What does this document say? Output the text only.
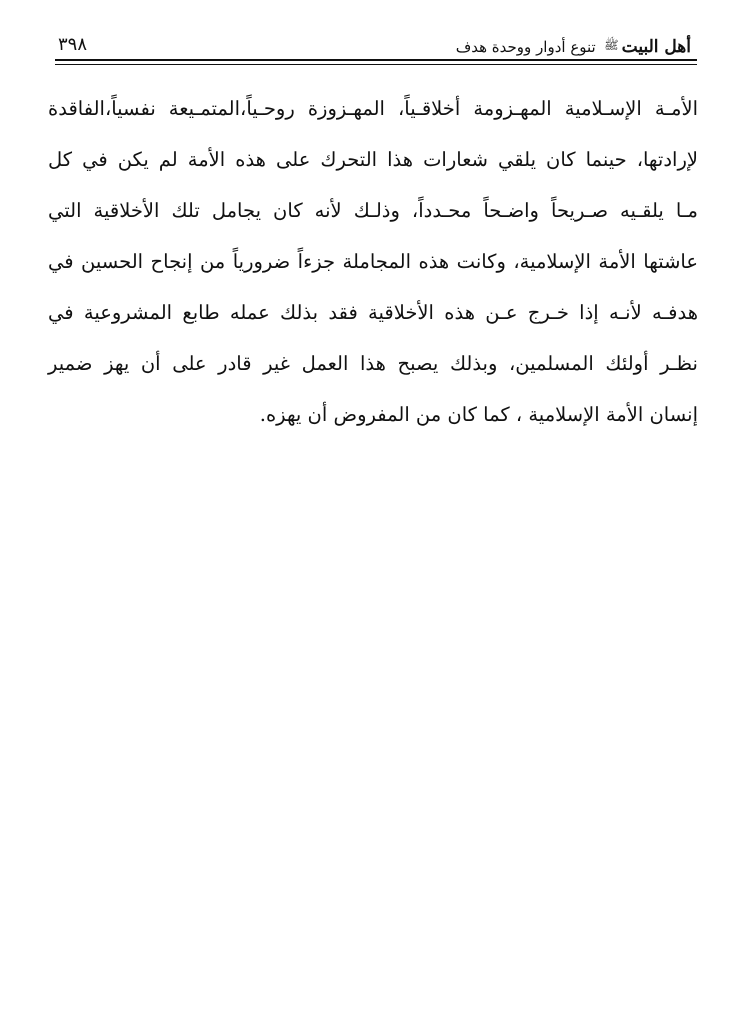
أهل البيتﷺ تنوع أدوار ووحدة هدف
٣٩٨
الأمـة الإسـلامية المهـزومة أخلاقـياً، المهـزوزة روحـياً،المتمـيعة نفسياً،الفاقدة
لإرادتها، حينما كان يلقي شعارات هذا التحرك على هذه الأمة لم يكن في كل
مـا يلقـيه صـريحاً واضـحاً محـدداً، وذلـك لأنه كان يجامل تلك الأخلاقية التي
عاشتها الأمة الإسلامية، وكانت هذه المجاملة جزءاً ضرورياً من إنجاح الحسين في
هدفـه لأنـه إذا خـرج عـن هذه الأخلاقية فقد بذلك عمله طابع المشروعية في
نظـر أولئك المسلمين، وبذلك يصبح هذا العمل غير قادر على أن يهز ضمير
إنسان الأمة الإسلامية ، كما كان من المفروض أن يهزه.
